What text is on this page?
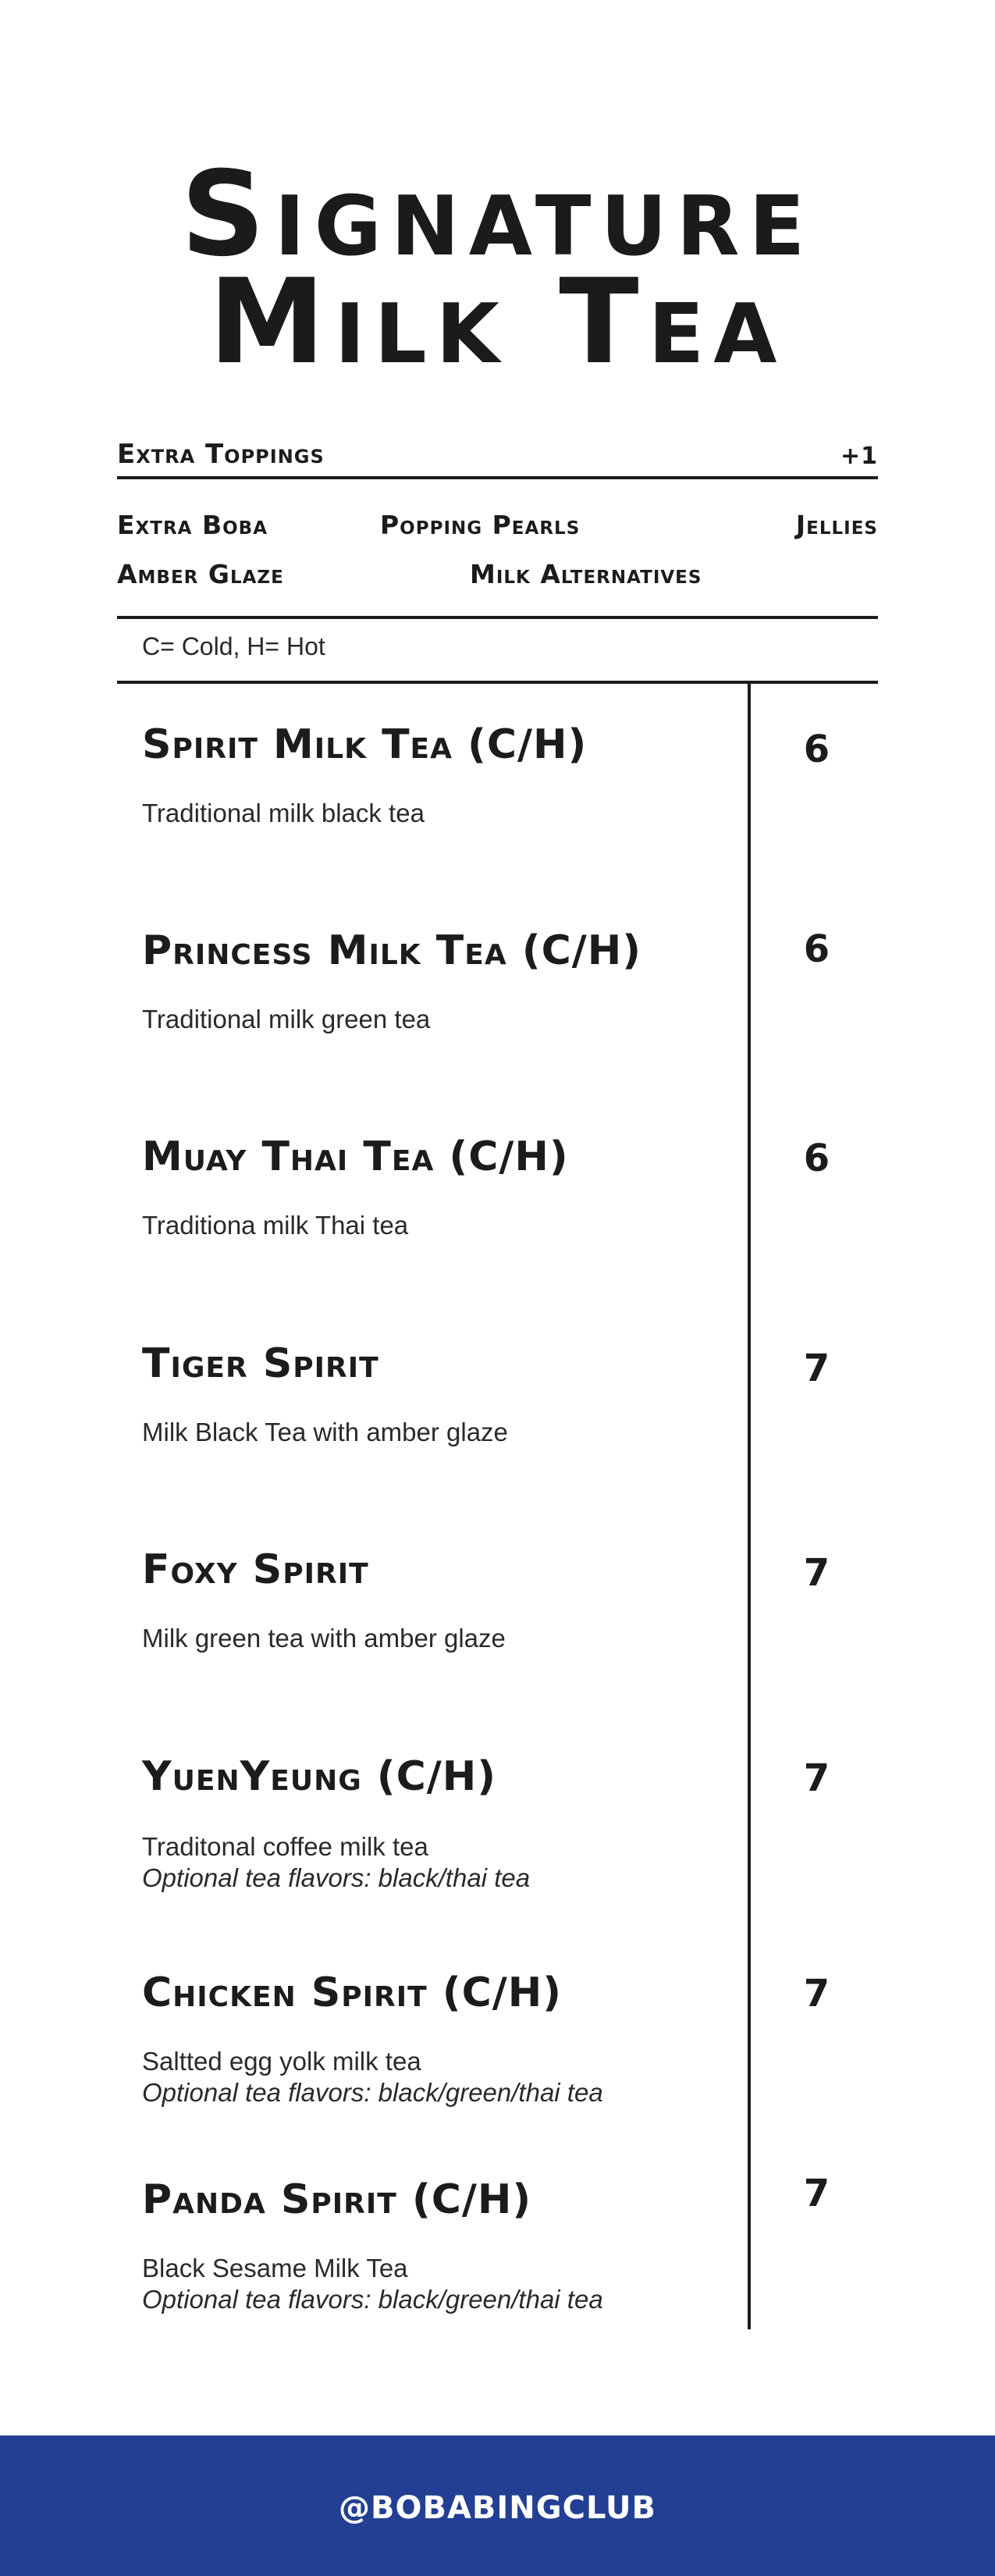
Signature
Milk Tea
Extra Toppings	+1
Extra Boba	Popping Pearls	Jellies
Amber Glaze	Milk Alternatives
C= Cold, H= Hot
Spirit Milk Tea (C/H)
Traditional milk black tea
6
Princess Milk Tea (C/H)
Traditional milk green tea
6
Muay Thai Tea (C/H)
Traditiona milk Thai tea
6
Tiger Spirit
Milk Black Tea with amber glaze
7
Foxy Spirit
Milk green tea with amber glaze
7
YuenYeung (C/H)
Traditonal coffee milk tea
Optional tea flavors: black/thai tea
7
Chicken Spirit (C/H)
Saltted egg yolk milk tea
Optional tea flavors: black/green/thai tea
7
Panda Spirit (C/H)
Black Sesame Milk Tea
Optional tea flavors: black/green/thai tea
7
@BOBABINGCLUB
